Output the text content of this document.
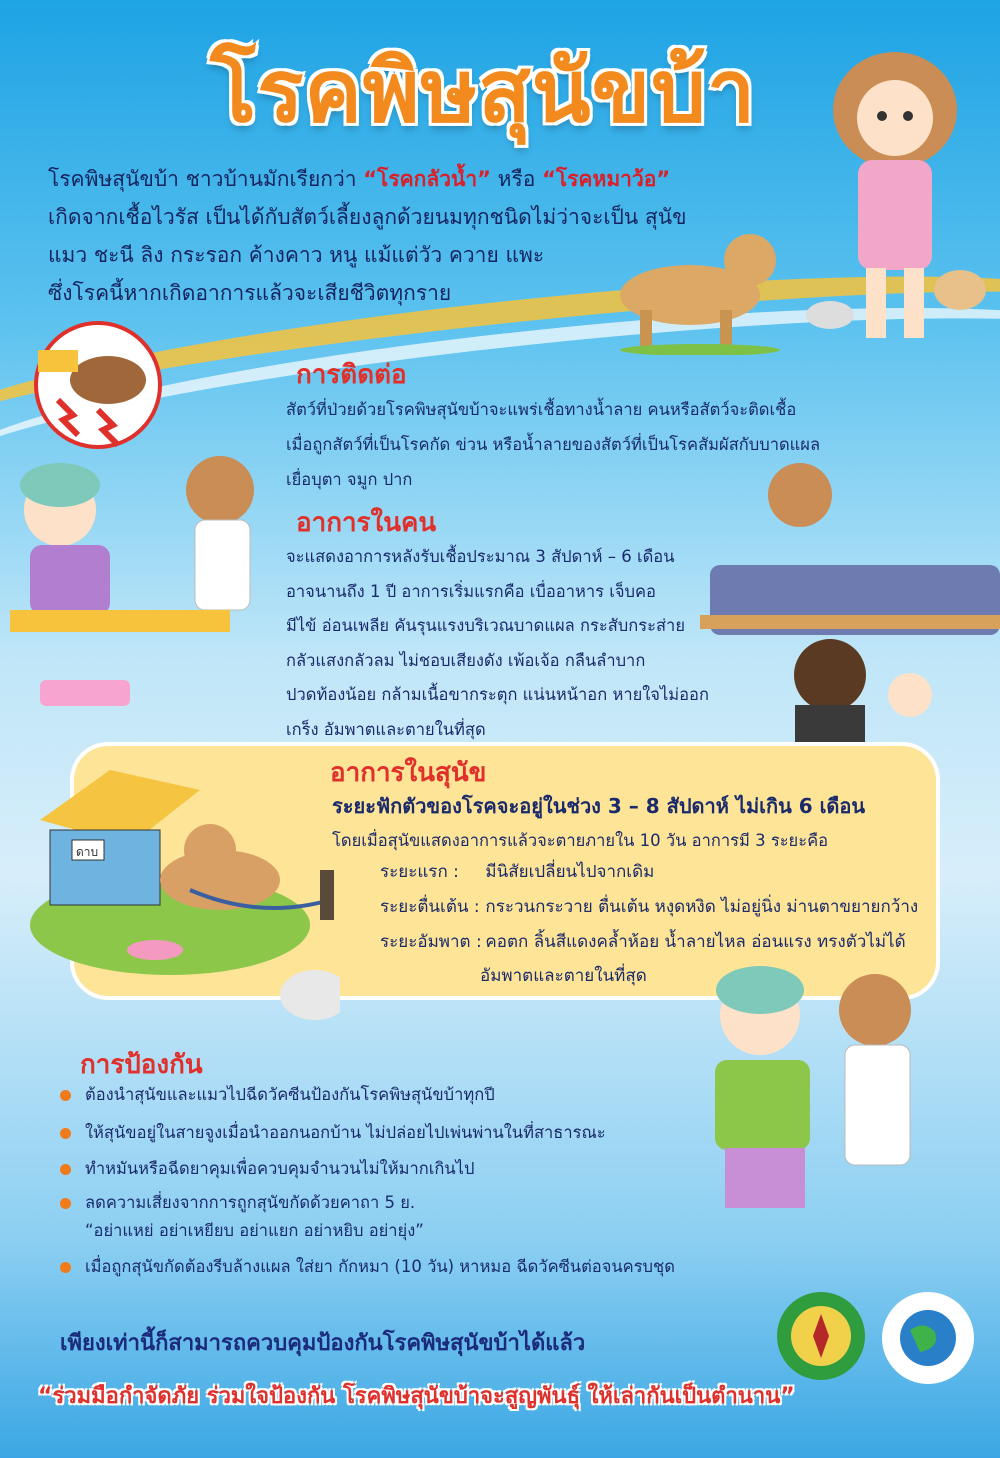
โรคพิษสุนัขบ้า
โรคพิษสุนัขบ้า ชาวบ้านมักเรียกว่า “โรคกลัวน้ำ” หรือ “โรคหมาว้อ”
เกิดจากเชื้อไวรัส เป็นได้กับสัตว์เลี้ยงลูกด้วยนมทุกชนิดไม่ว่าจะเป็น สุนัข
แมว ชะนี ลิง กระรอก ค้างคาว หนู แม้แต่วัว ควาย แพะ
ซึ่งโรคนี้หากเกิดอาการแล้วจะเสียชีวิตทุกราย
การติดต่อ
สัตว์ที่ป่วยด้วยโรคพิษสุนัขบ้าจะแพร่เชื้อทางน้ำลาย คนหรือสัตว์จะติดเชื้อ
เมื่อถูกสัตว์ที่เป็นโรคกัด ข่วน หรือน้ำลายของสัตว์ที่เป็นโรคสัมผัสกับบาดแผล
เยื่อบุตา จมูก ปาก
อาการในคน
จะแสดงอาการหลังรับเชื้อประมาณ 3 สัปดาห์ – 6 เดือน
อาจนานถึง 1 ปี อาการเริ่มแรกคือ เบื่ออาหาร เจ็บคอ
มีไข้ อ่อนเพลีย คันรุนแรงบริเวณบาดแผล กระสับกระส่าย
กลัวแสงกลัวลม ไม่ชอบเสียงดัง เพ้อเจ้อ กลืนลำบาก
ปวดท้องน้อย กล้ามเนื้อขากระตุก แน่นหน้าอก หายใจไม่ออก
เกร็ง อัมพาตและตายในที่สุด
ดาบ
อาการในสุนัข
ระยะฟักตัวของโรคจะอยู่ในช่วง 3 – 8 สัปดาห์ ไม่เกิน 6 เดือน
โดยเมื่อสุนัขแสดงอาการแล้วจะตายภายใน 10 วัน อาการมี 3 ระยะคือ
ระยะแรก : มีนิสัยเปลี่ยนไปจากเดิม
ระยะตื่นเต้น : กระวนกระวาย ตื่นเต้น หงุดหงิด ไม่อยู่นิ่ง ม่านตาขยายกว้าง
ระยะอัมพาต : คอตก ลิ้นสีแดงคล้ำห้อย น้ำลายไหล อ่อนแรง ทรงตัวไม่ได้
อัมพาตและตายในที่สุด
การป้องกัน
ต้องนำสุนัขและแมวไปฉีดวัคซีนป้องกันโรคพิษสุนัขบ้าทุกปี
ให้สุนัขอยู่ในสายจูงเมื่อนำออกนอกบ้าน ไม่ปล่อยไปเพ่นพ่านในที่สาธารณะ
ทำหมันหรือฉีดยาคุมเพื่อควบคุมจำนวนไม่ให้มากเกินไป
ลดความเสี่ยงจากการถูกสุนัขกัดด้วยคาถา 5 ย.
“อย่าแหย่ อย่าเหยียบ อย่าแยก อย่าหยิบ อย่ายุ่ง”
เมื่อถูกสุนัขกัดต้องรีบล้างแผล ใส่ยา กักหมา (10 วัน) หาหมอ ฉีดวัคซีนต่อจนครบชุด
เพียงเท่านี้ก็สามารถควบคุมป้องกันโรคพิษสุนัขบ้าได้แล้ว
“ร่วมมือกำจัดภัย ร่วมใจป้องกัน โรคพิษสุนัขบ้าจะสูญพันธุ์ ให้เล่ากันเป็นตำนาน”
